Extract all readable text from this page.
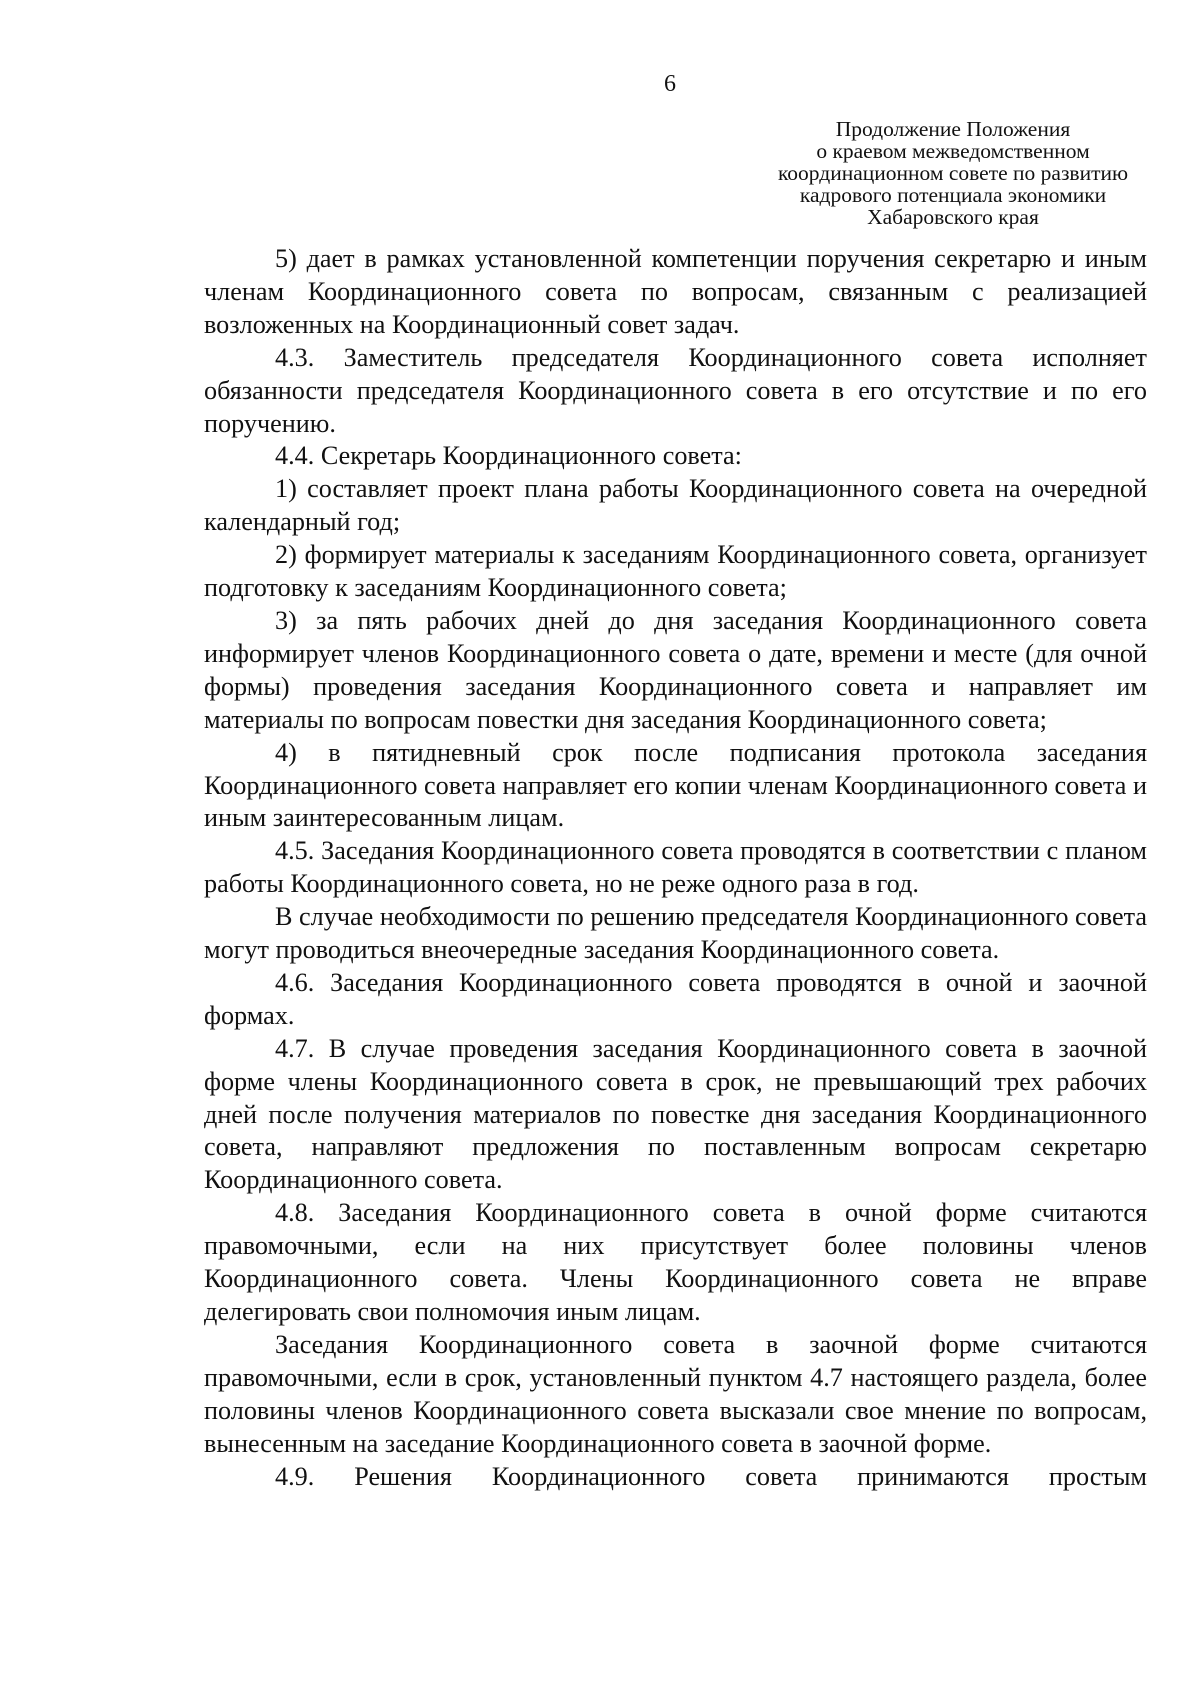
6
Продолжение Положения
о краевом межведомственном
координационном совете по развитию
кадрового потенциала экономики
Хабаровского края

5) дает в рамках установленной компетенции поручения секретарю и иным членам Координационного совета по вопросам, связанным с реализацией возложенных на Координационный совет задач.

4.3. Заместитель председателя Координационного совета исполняет обязанности председателя Координационного совета в его отсутствие и по его поручению.

4.4. Секретарь Координационного совета:

1) составляет проект плана работы Координационного совета на очередной календарный год;

2) формирует материалы к заседаниям Координационного совета, организует подготовку к заседаниям Координационного совета;

3) за пять рабочих дней до дня заседания Координационного совета информирует членов Координационного совета о дате, времени и месте (для очной формы) проведения заседания Координационного совета и направляет им материалы по вопросам повестки дня заседания Координационного совета;

4) в пятидневный срок после подписания протокола заседания Координационного совета направляет его копии членам Координационного совета и иным заинтересованным лицам.

4.5. Заседания Координационного совета проводятся в соответствии с планом работы Координационного совета, но не реже одного раза в год.

В случае необходимости по решению председателя Координационного совета могут проводиться внеочередные заседания Координационного совета.

4.6. Заседания Координационного совета проводятся в очной и заочной формах.

4.7. В случае проведения заседания Координационного совета в заочной форме члены Координационного совета в срок, не превышающий трех рабочих дней после получения материалов по повестке дня заседания Координационного совета, направляют предложения по поставленным вопросам секретарю Координационного совета.

4.8. Заседания Координационного совета в очной форме считаются правомочными, если на них присутствует более половины членов Координационного совета. Члены Координационного совета не вправе делегировать свои полномочия иным лицам.

Заседания Координационного совета в заочной форме считаются правомочными, если в срок, установленный пунктом 4.7 настоящего раздела, более половины членов Координационного совета высказали свое мнение по вопросам, вынесенным на заседание Координационного совета в заочной форме.

4.9. Решения Координационного совета принимаются простым
